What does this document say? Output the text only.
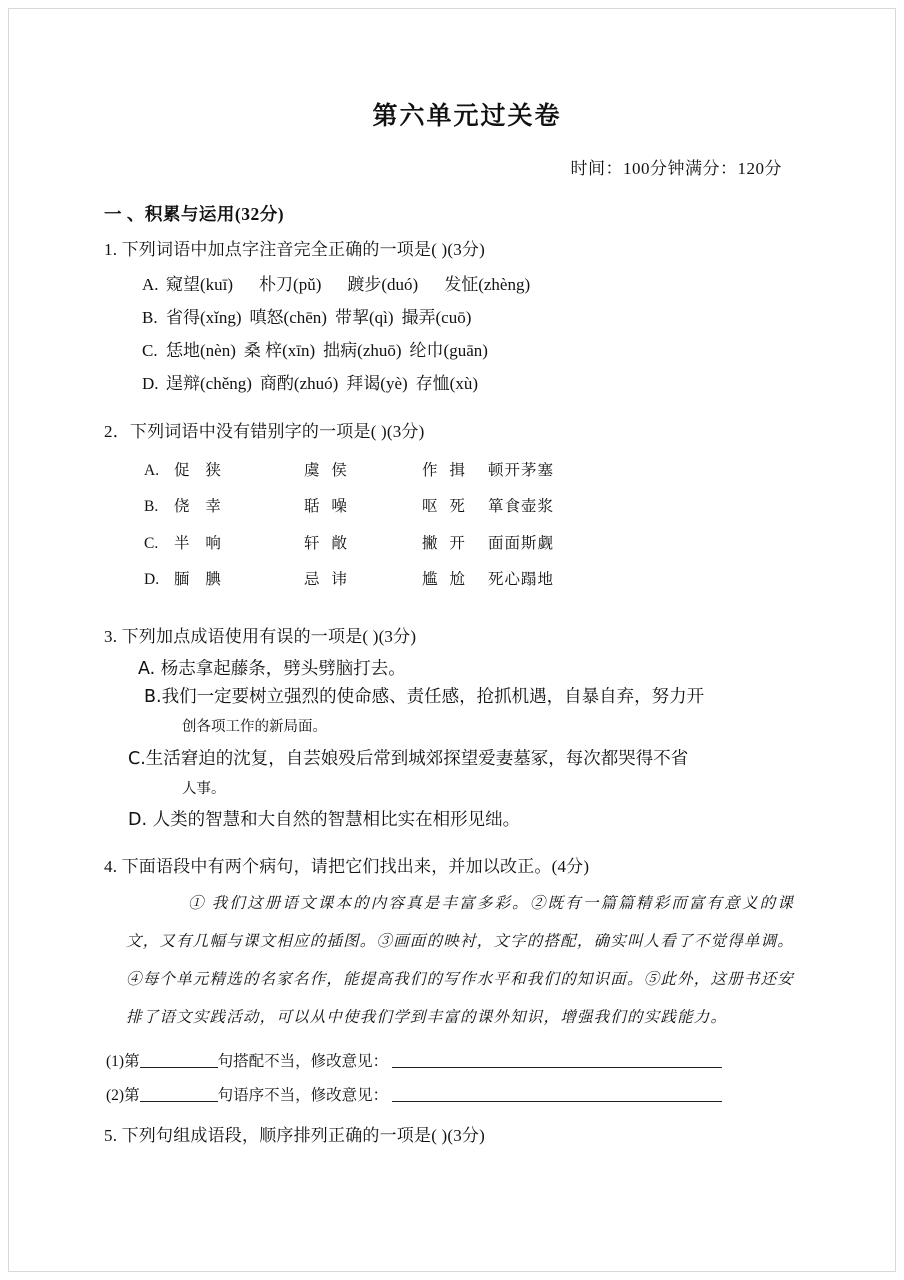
第六单元过关卷
时间：100分钟满分：120分
一 、积累与运用(32分)
1. 下列词语中加点字注音完全正确的一项是( )(3分)
A. 窥望(kuī) 朴刀(pǔ) 踱步(duó) 发怔(zhèng)
B. 省得(xǐng) 嗔怒(chēn) 带挈(qì) 撮弄(cuō)
C. 恁地(nèn) 桑 梓(xīn) 拙病(zhuō) 纶巾(guān)
D. 逞辩(chěng) 商酌(zhuó) 拜谒(yè) 存恤(xù)
2．下列词语中没有错别字的一项是( )(3分)
A. 促 狭	虞 侯	作 揖 顿开茅塞
B. 侥 幸	聒 噪	呕 死 箪食壶浆
C. 半 响	轩 敞	撇 开 面面斯觑
D. 腼 腆	忌 讳	尴 尬 死心蹋地
3. 下列加点成语使用有误的一项是( )(3分)
A. 杨志拿起藤条，劈头劈脑打去。
B.我们一定要树立强烈的使命感、责任感，抢抓机遇，自暴自弃，努力开
创各项工作的新局面。
C.生活窘迫的沈复，自芸娘殁后常到城郊探望爱妻墓冢，每次都哭得不省
人事。
D. 人类的智慧和大自然的智慧相比实在相形见绌。
4. 下面语段中有两个病句，请把它们找出来，并加以改正。(4分)
① 我们这册语文课本的内容真是丰富多彩。②既有一篇篇精彩而富有意义的课文，又有几幅与课文相应的插图。③画面的映衬，文字的搭配，确实叫人看了不觉得单调。④每个单元精选的名家名作，能提高我们的写作水平和我们的知识面。⑤此外，这册书还安排了语文实践活动，可以从中使我们学到丰富的课外知识，增强我们的实践能力。
(1)第	句搭配不当，修改意见：
(2)第	句语序不当，修改意见：
5. 下列句组成语段，顺序排列正确的一项是( )(3分)
